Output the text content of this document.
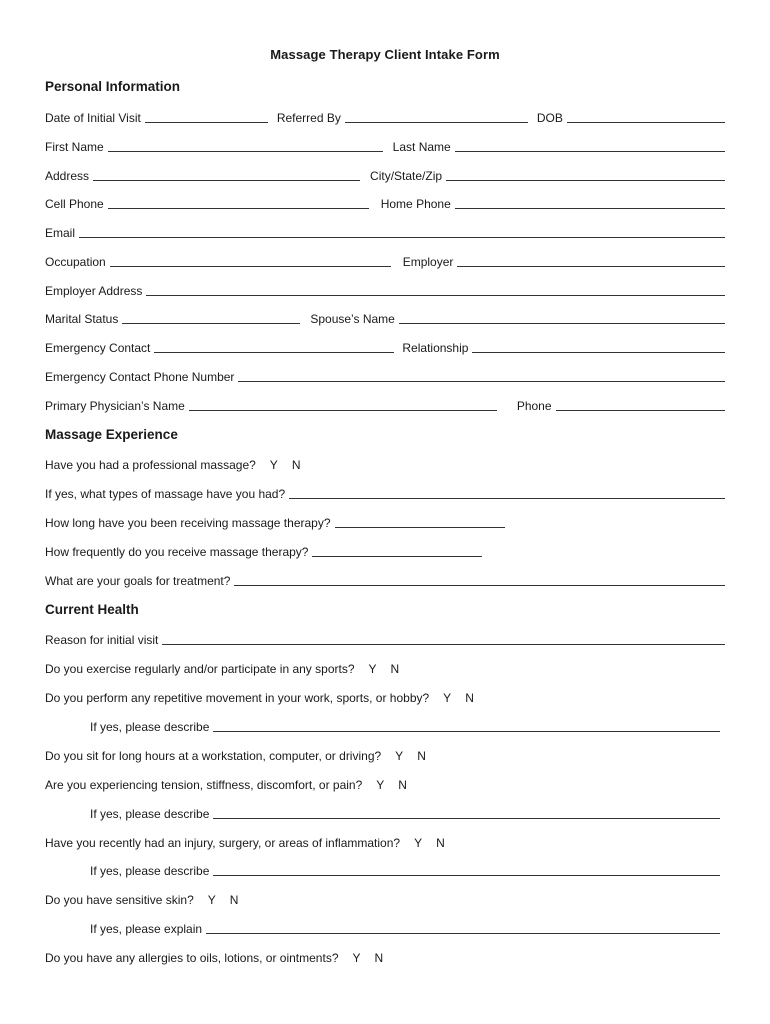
Massage Therapy Client Intake Form
Personal Information
Date of Initial Visit	Referred By	DOB
First Name	Last Name
Address	City/State/Zip
Cell Phone	Home Phone
Email
Occupation	Employer
Employer Address
Marital Status	Spouse’s Name
Emergency Contact	Relationship
Emergency Contact Phone Number
Primary Physician’s Name	Phone
Massage Experience
Have you had a professional massage? Y N
If yes, what types of massage have you had?
How long have you been receiving massage therapy?
How frequently do you receive massage therapy?
What are your goals for treatment?
Current Health
Reason for initial visit
Do you exercise regularly and/or participate in any sports? Y N
Do you perform any repetitive movement in your work, sports, or hobby? Y N
If yes, please describe
Do you sit for long hours at a workstation, computer, or driving? Y N
Are you experiencing tension, stiffness, discomfort, or pain? Y N
If yes, please describe
Have you recently had an injury, surgery, or areas of inflammation? Y N
If yes, please describe
Do you have sensitive skin? Y N
If yes, please explain
Do you have any allergies to oils, lotions, or ointments? Y N
